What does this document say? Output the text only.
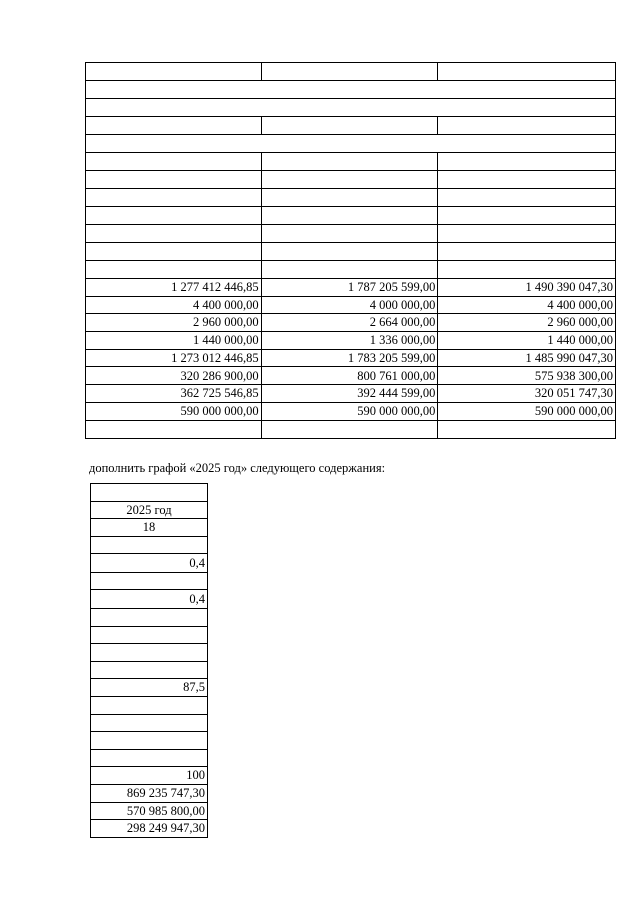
1 277 412 446,85	1 787 205 599,00	1 490 390 047,30
4 400 000,00	4 000 000,00	4 400 000,00
2 960 000,00	2 664 000,00	2 960 000,00
1 440 000,00	1 336 000,00	1 440 000,00
1 273 012 446,85	1 783 205 599,00	1 485 990 047,30
320 286 900,00	800 761 000,00	575 938 300,00
362 725 546,85	392 444 599,00	320 051 747,30
590 000 000,00	590 000 000,00	590 000 000,00

дополнить графой «2025 год» следующего содержания:

2025 год
18

0,4

0,4

87,5

100
869 235 747,30
570 985 800,00
298 249 947,30
